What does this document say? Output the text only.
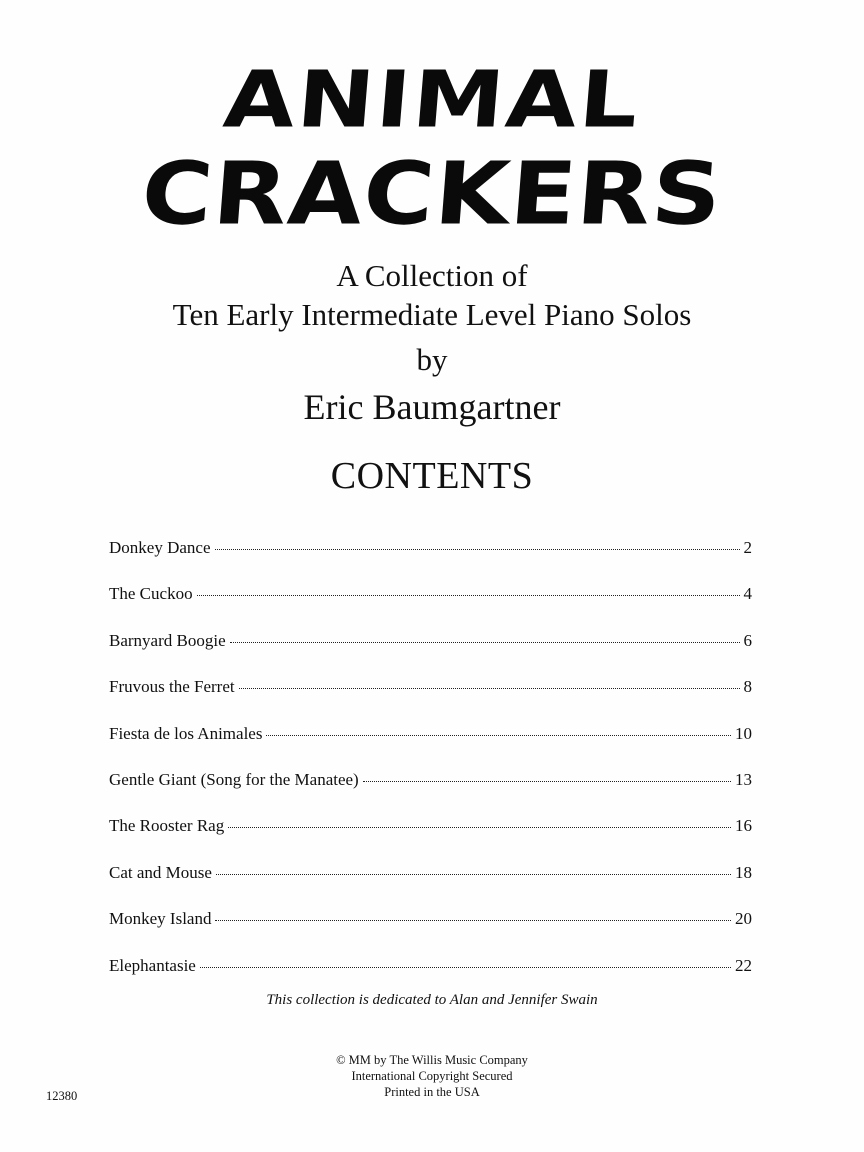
ANIMAL
CRACKERS
A Collection of
Ten Early Intermediate Level Piano Solos
by
Eric Baumgartner
CONTENTS
Donkey Dance	2
The Cuckoo	4
Barnyard Boogie	6
Fruvous the Ferret	8
Fiesta de los Animales	10
Gentle Giant (Song for the Manatee)	13
The Rooster Rag	16
Cat and Mouse	18
Monkey Island	20
Elephantasie	22
This collection is dedicated to Alan and Jennifer Swain
© MM by The Willis Music Company
International Copyright Secured
Printed in the USA
12380
